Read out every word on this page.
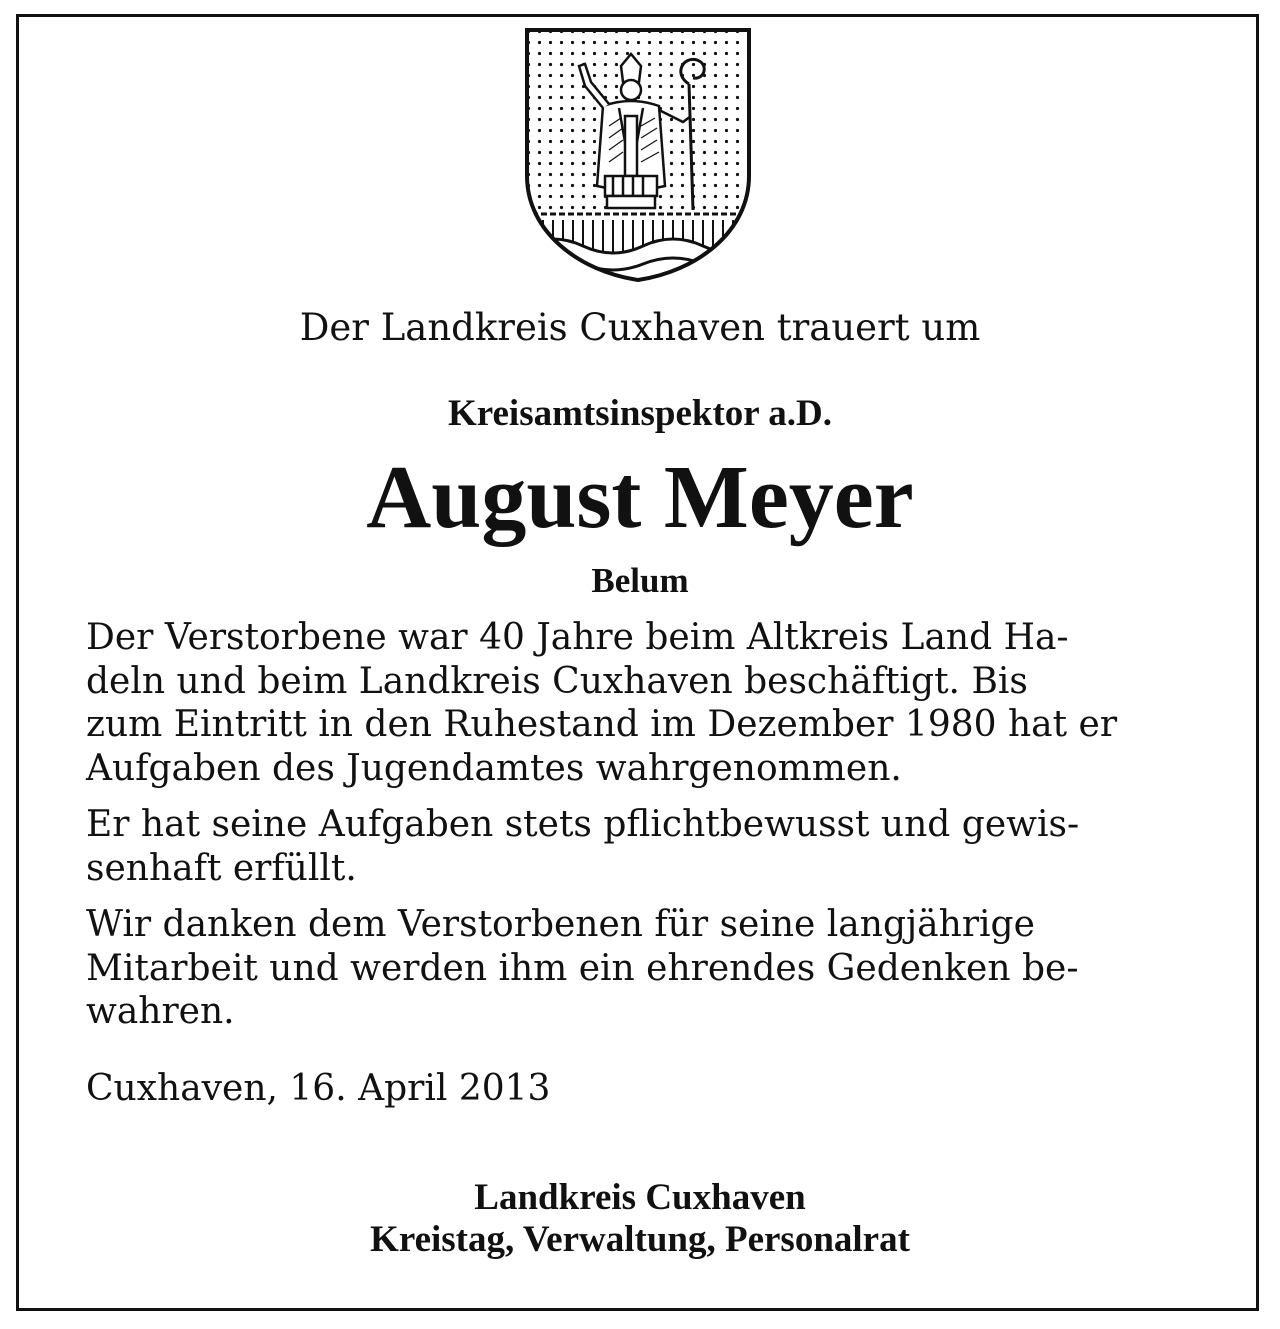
Der Landkreis Cuxhaven trauert um
Kreisamtsinspektor a.D.
August Meyer
Belum

Der Verstorbene war 40 Jahre beim Altkreis Land Ha-

deln und beim Landkreis Cuxhaven beschäftigt. Bis

zum Eintritt in den Ruhestand im Dezember 1980 hat er

Aufgaben des Jugendamtes wahrgenommen.

Er hat seine Aufgaben stets pflichtbewusst und gewis-

senhaft erfüllt.

Wir danken dem Verstorbenen für seine langjährige

Mitarbeit und werden ihm ein ehrendes Gedenken be-

wahren.

Cuxhaven, 16. April 2013
Landkreis Cuxhaven
Kreistag, Verwaltung, Personalrat
